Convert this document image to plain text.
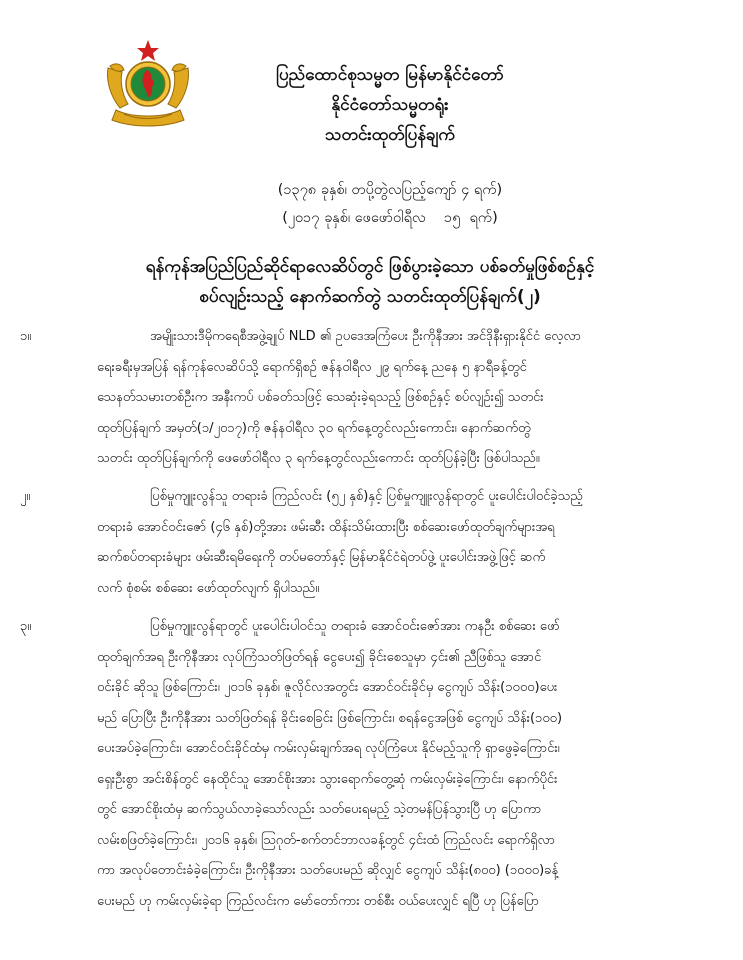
ပြည်ထောင်စုသမ္မတ မြန်မာနိုင်ငံတော်
နိုင်ငံတော်သမ္မတရုံး
သတင်းထုတ်ပြန်ချက်
(၁၃၇၈ ခုနှစ်၊ တပို့တွဲလပြည့်ကျော် ၄ ရက်)
(၂၀၁၇ ခုနှစ်၊ ဖေဖော်ဝါရီလ    ၁၅  ရက်)
ရန်ကုန်အပြည်ပြည်ဆိုင်ရာလေဆိပ်တွင် ဖြစ်ပွားခဲ့သော ပစ်ခတ်မှုဖြစ်စဉ်နှင့်
စပ်လျဉ်းသည့် နောက်ဆက်တွဲ သတင်းထုတ်ပြန်ချက်(၂)
၁။	အမျိုးသားဒီမိုကရေစီအဖွဲ့ချုပ် NLD ၏ ဥပဒေအကြံပေး ဦးကိုနီအား အင်ဒိုနီးရှားနိုင်ငံ လေ့လာ
ရေးခရီးမှအပြန် ရန်ကုန်လေဆိပ်သို့ ရောက်ရှိစဉ် ဇန်နဝါရီလ ၂၉ ရက်နေ့ ညနေ ၅ နာရီခန့်တွင်
သေနတ်သမားတစ်ဦးက အနီးကပ် ပစ်ခတ်သဖြင့် သေဆုံးခဲ့ရသည့် ဖြစ်စဉ်နှင့် စပ်လျဉ်း၍ သတင်း
ထုတ်ပြန်ချက် အမှတ်(၁/၂၀၁၇)ကို ဇန်နဝါရီလ ၃၀ ရက်နေ့တွင်လည်းကောင်း၊ နောက်ဆက်တွဲ
သတင်း ထုတ်ပြန်ချက်ကို ဖေဖော်ဝါရီလ ၃ ရက်နေ့တွင်လည်းကောင်း ထုတ်ပြန်ခဲ့ပြီး ဖြစ်ပါသည်။
၂။	ပြစ်မှုကျူးလွန်သူ တရားခံ ကြည်လင်း (၅၂ နှစ်)နှင့် ပြစ်မှုကျူးလွန်ရာတွင် ပူးပေါင်းပါဝင်ခဲ့သည့်
တရားခံ အောင်ဝင်းဇော် (၄၆ နှစ်)တို့အား ဖမ်းဆီး ထိန်းသိမ်းထားပြီး စစ်ဆေးဖော်ထုတ်ချက်များအရ
ဆက်စပ်တရားခံများ ဖမ်းဆီးရမိရေးကို တပ်မတော်နှင့် မြန်မာနိုင်ငံရဲတပ်ဖွဲ့ ပူးပေါင်းအဖွဲ့ဖြင့် ဆက်
လက် စုံစမ်း စစ်ဆေး ဖော်ထုတ်လျက် ရှိပါသည်။
၃။	ပြစ်မှုကျူးလွန်ရာတွင် ပူးပေါင်းပါဝင်သူ တရားခံ အောင်ဝင်းဇော်အား ကနဦး စစ်ဆေး ဖော်
ထုတ်ချက်အရ ဦးကိုနီအား လုပ်ကြံသတ်ဖြတ်ရန် ငွေပေး၍ ခိုင်းစေသူမှာ ၄င်း၏ ညီဖြစ်သူ အောင်
ဝင်းခိုင် ဆိုသူ ဖြစ်ကြောင်း၊ ၂၀၁၆ ခုနှစ်၊ ဇူလိုင်လအတွင်း အောင်ဝင်းခိုင်မှ ငွေကျပ် သိန်း(၁၀၀၀)ပေး
မည် ပြောပြီး ဦးကိုနီအား သတ်ဖြတ်ရန် ခိုင်းစေခြင်း ဖြစ်ကြောင်း၊ စရန်ငွေအဖြစ် ငွေကျပ် သိန်း(၁၀၀)
ပေးအပ်ခဲ့ကြောင်း၊ အောင်ဝင်းခိုင်ထံမှ ကမ်းလှမ်းချက်အရ လုပ်ကြံပေး နိုင်မည့်သူကို ရှာဖွေခဲ့ကြောင်း၊
ရှေးဦးစွာ အင်းစိန်တွင် နေထိုင်သူ အောင်စိုးအား သွားရောက်တွေ့ဆုံ ကမ်းလှမ်းခဲ့ကြောင်း၊ နောက်ပိုင်း
တွင် အောင်စိုးထံမှ ဆက်သွယ်လာခဲ့သော်လည်း သတ်ပေးရမည့် သဲ့တမန်ပြန်သွားပြီ ဟု ပြောကာ
လမ်းစဖြတ်ခဲ့ကြောင်း၊ ၂၀၁၆ ခုနှစ်၊ ဩဂုတ်-စက်တင်ဘာလခန့်တွင် ၄င်းထံ ကြည်လင်း ရောက်ရှိလာ
ကာ အလုပ်တောင်းခံခဲ့ကြောင်း၊ ဦးကိုနီအား သတ်ပေးမည် ဆိုလျှင် ငွေကျပ် သိန်း(၈၀၀) (၁၀၀၀)ခန့်
ပေးမည် ဟု ကမ်းလှမ်းခဲ့ရာ ကြည်လင်းက မော်တော်ကား တစ်စီး ဝယ်ပေးလျှင် ရပြီ ဟု ပြန်ပြော
